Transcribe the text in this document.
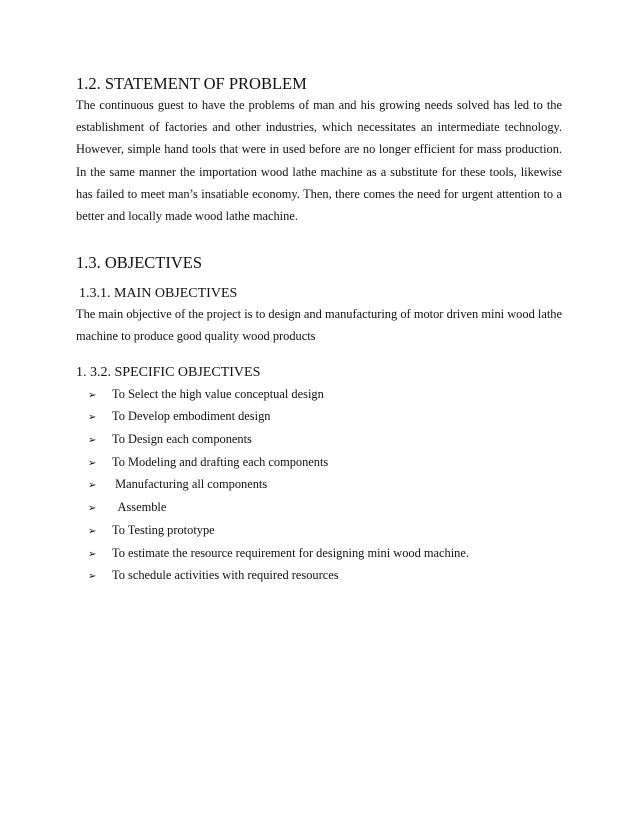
1.2. STATEMENT OF PROBLEM

The continuous guest to have the problems of man and his growing needs solved has led to the establishment of factories and other industries, which necessitates an intermediate technology. However, simple hand tools that were in used before are no longer efficient for mass production. In the same manner the importation wood lathe machine as a substitute for these tools, likewise has failed to meet man’s insatiable economy. Then, there comes the need for urgent attention to a better and locally made wood lathe machine.

1.3. OBJECTIVES
1.3.1. MAIN OBJECTIVES

The main objective of the project is to design and manufacturing of motor driven mini wood lathe machine to produce good quality wood products

1. 3.2. SPECIFIC OBJECTIVES
➢	To Select the high value conceptual design
➢	To Develop embodiment design
➢	To Design each components
➢	To Modeling and drafting each components
➢	Manufacturing all components
➢	Assemble
➢	To Testing prototype
➢	To estimate the resource requirement for designing mini wood machine.
➢	To schedule activities with required resources
